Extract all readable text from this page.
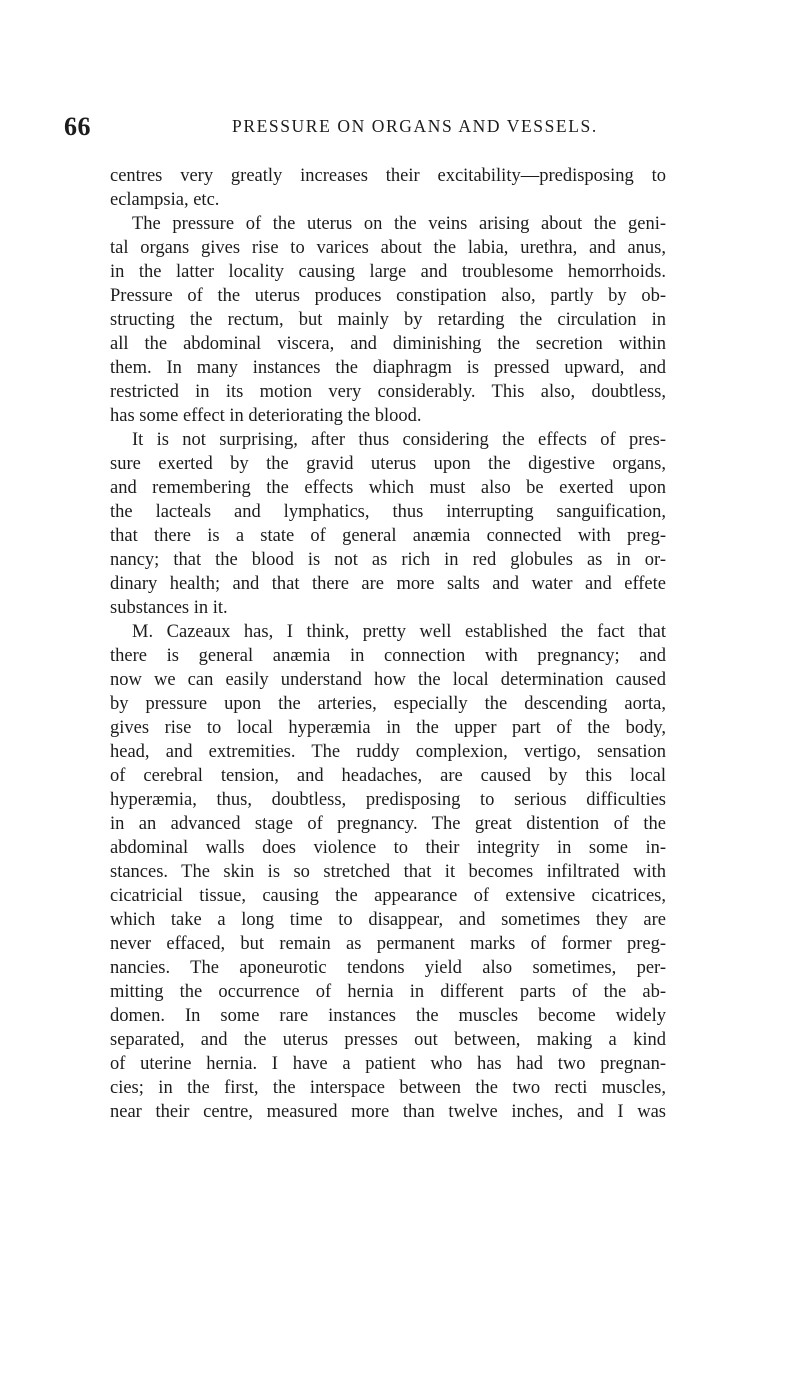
66	PRESSURE ON ORGANS AND VESSELS.
centres very greatly increases their excitability—predisposing to
eclampsia, etc.
The pressure of the uterus on the veins arising about the geni-
tal organs gives rise to varices about the labia, urethra, and anus,
in the latter locality causing large and troublesome hemorrhoids.
Pressure of the uterus produces constipation also, partly by ob-
structing the rectum, but mainly by retarding the circulation in
all the abdominal viscera, and diminishing the secretion within
them. In many instances the diaphragm is pressed upward, and
restricted in its motion very considerably. This also, doubtless,
has some effect in deteriorating the blood.
It is not surprising, after thus considering the effects of pres-
sure exerted by the gravid uterus upon the digestive organs,
and remembering the effects which must also be exerted upon
the lacteals and lymphatics, thus interrupting sanguification,
that there is a state of general anæmia connected with preg-
nancy; that the blood is not as rich in red globules as in or-
dinary health; and that there are more salts and water and effete
substances in it.
M. Cazeaux has, I think, pretty well established the fact that
there is general anæmia in connection with pregnancy; and
now we can easily understand how the local determination caused
by pressure upon the arteries, especially the descending aorta,
gives rise to local hyperæmia in the upper part of the body,
head, and extremities. The ruddy complexion, vertigo, sensation
of cerebral tension, and headaches, are caused by this local
hyperæmia, thus, doubtless, predisposing to serious difficulties
in an advanced stage of pregnancy. The great distention of the
abdominal walls does violence to their integrity in some in-
stances. The skin is so stretched that it becomes infiltrated with
cicatricial tissue, causing the appearance of extensive cicatrices,
which take a long time to disappear, and sometimes they are
never effaced, but remain as permanent marks of former preg-
nancies. The aponeurotic tendons yield also sometimes, per-
mitting the occurrence of hernia in different parts of the ab-
domen. In some rare instances the muscles become widely
separated, and the uterus presses out between, making a kind
of uterine hernia. I have a patient who has had two pregnan-
cies; in the first, the interspace between the two recti muscles,
near their centre, measured more than twelve inches, and I was
